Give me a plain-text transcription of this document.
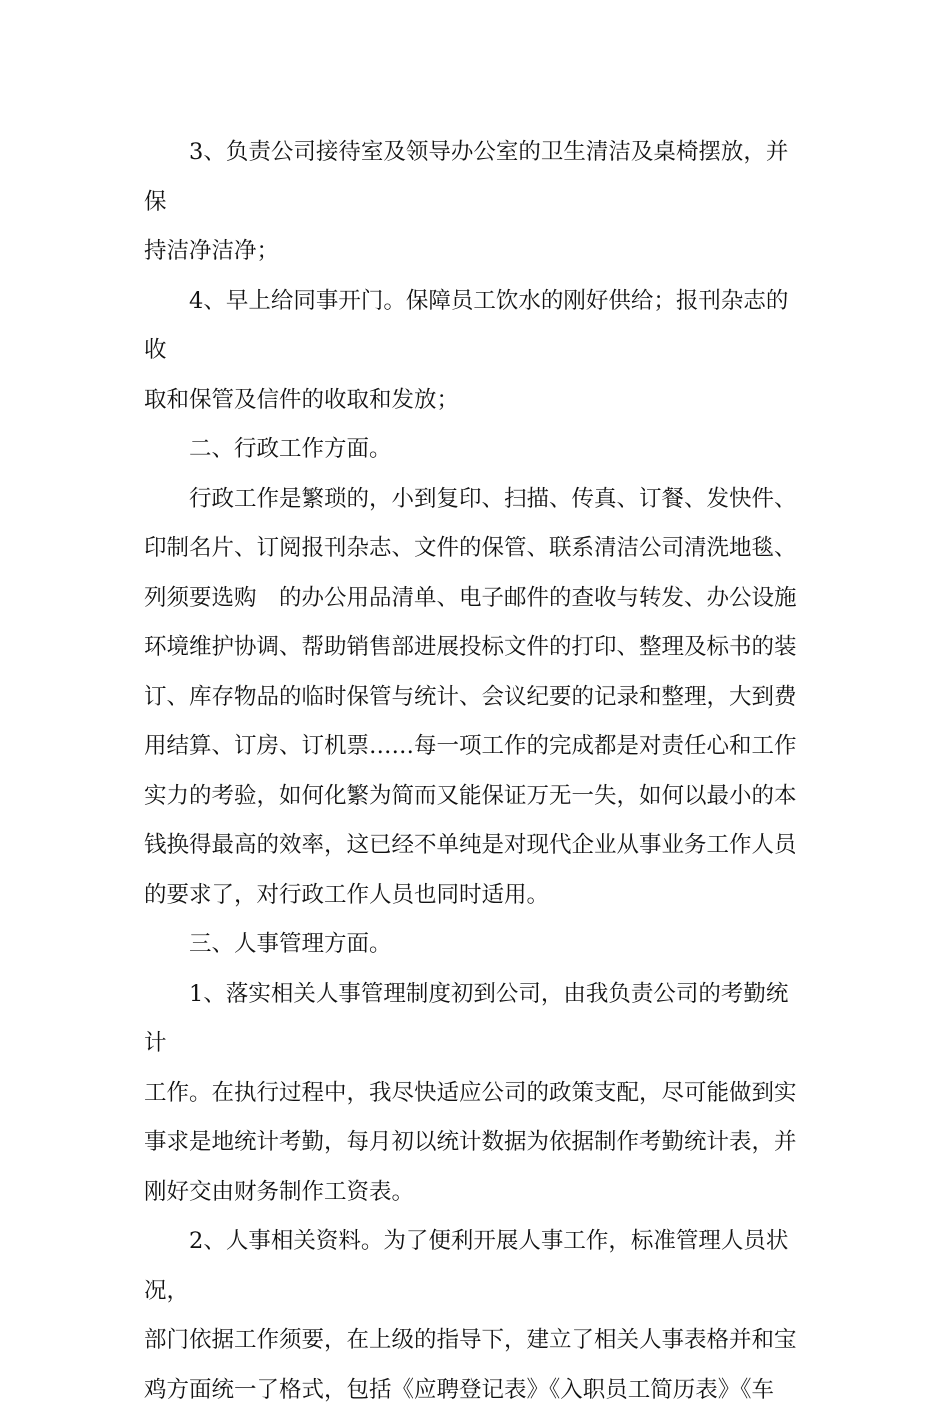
3、负责公司接待室及领导办公室的卫生清洁及桌椅摆放，并保
持洁净洁净；

4、早上给同事开门。保障员工饮水的刚好供给；报刊杂志的收
取和保管及信件的收取和发放；

二、行政工作方面。

行政工作是繁琐的，小到复印、扫描、传真、订餐、发快件、
印制名片、订阅报刊杂志、文件的保管、联系清洁公司清洗地毯、
列须要选购　的办公用品清单、电子邮件的查收与转发、办公设施
环境维护协调、帮助销售部进展投标文件的打印、整理及标书的装
订、库存物品的临时保管与统计、会议纪要的记录和整理，大到费
用结算、订房、订机票……每一项工作的完成都是对责任心和工作
实力的考验，如何化繁为简而又能保证万无一失，如何以最小的本
钱换得最高的效率，这已经不单纯是对现代企业从事业务工作人员
的要求了，对行政工作人员也同时适用。

三、人事管理方面。

1、落实相关人事管理制度初到公司，由我负责公司的考勤统计
工作。在执行过程中，我尽快适应公司的政策支配，尽可能做到实
事求是地统计考勤，每月初以统计数据为依据制作考勤统计表，并
刚好交由财务制作工资表。

2、人事相关资料。为了便利开展人事工作，标准管理人员状况，
部门依据工作须要，在上级的指导下，建立了相关人事表格并和宝
鸡方面统一了格式，包括《应聘登记表》《入职员工简历表》《车
